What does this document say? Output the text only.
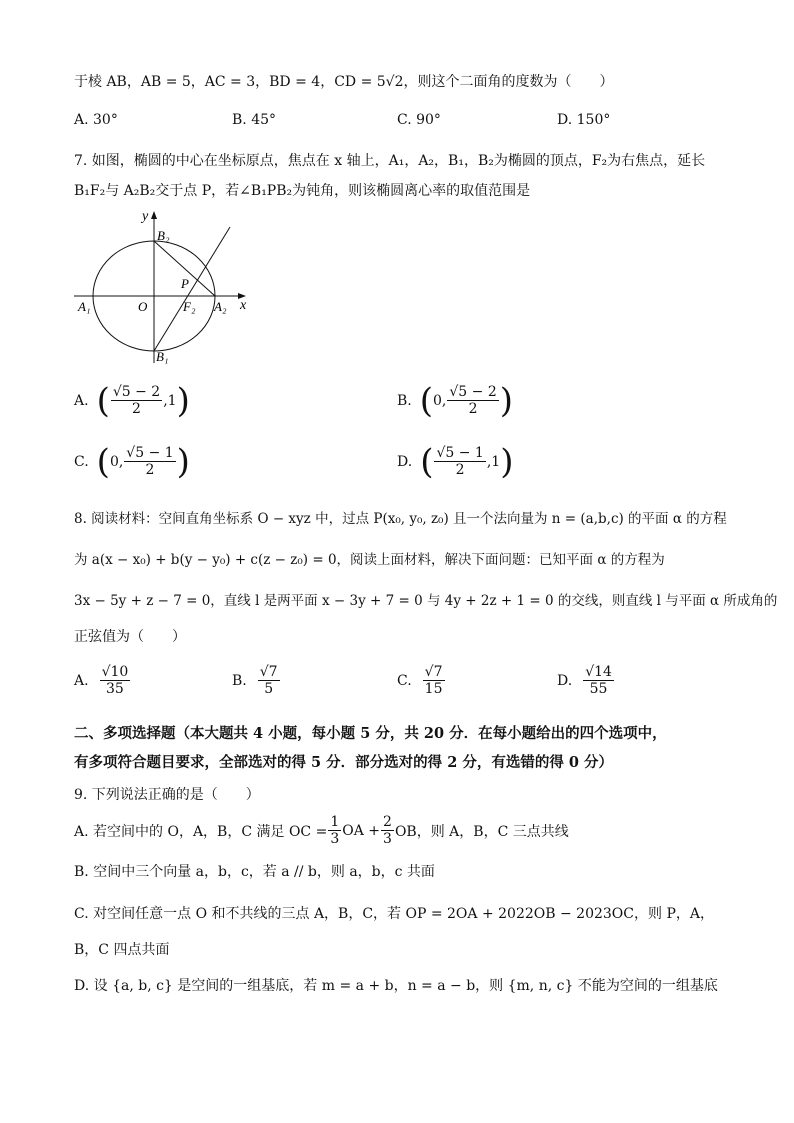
于棱 AB，AB = 5，AC = 3，BD = 4，CD = 5√2，则这个二面角的度数为（　　）
A. 30°	B. 45°	C. 90°	D. 150°
7. 如图，椭圆的中心在坐标原点，焦点在 x 轴上，A₁，A₂，B₁，B₂为椭圆的顶点，F₂为右焦点，延长
B₁F₂与 A₂B₂交于点 P，若∠B₁PB₂为钝角，则该椭圆离心率的取值范围是
y
B₂
P
A₁	O	F₂ A₂ x
B₁
A. ( $\frac{√5 - 2}{2} ,1$ )	B. ( 0, $\frac{√5 - 2}{2}$ )
C. ( 0, $\frac{√5 - 1}{2}$ )	D. ( $\frac{√5 - 1}{2} ,1$ )
8. 阅读材料：空间直角坐标系 O − xyz 中，过点 P(x₀, y₀, z₀) 且一个法向量为 n = (a,b,c) 的平面 α 的方程
为 a(x − x₀) + b(y − y₀) + c(z − z₀) = 0，阅读上面材料，解决下面问题：已知平面 α 的方程为
3x − 5y + z − 7 = 0，直线 l 是两平面 x − 3y + 7 = 0 与 4y + 2z + 1 = 0 的交线，则直线 l 与平面 α 所成角的
正弦值为（　　）
A. $\frac{√10}{35}$	B. $\frac{√7}{5}$	C. $\frac{√7}{15}$	D. $\frac{√14}{55}$
二、多项选择题（本大题共 4 小题，每小题 5 分，共 20 分．在每小题给出的四个选项中，
有多项符合题目要求，全部选对的得 5 分．部分选对的得 2 分，有选错的得 0 分）
9. 下列说法正确的是（　　）
A. 若空间中的 O，A，B，C 满足 OC = $\frac{1}{3}$ OA + $\frac{2}{3}$ OB，则 A，B，C 三点共线
B. 空间中三个向量 a，b，c，若 a // b，则 a，b，c 共面
C. 对空间任意一点 O 和不共线的三点 A，B，C，若 OP = 2OA + 2022OB − 2023OC，则 P，A，
B，C 四点共面
D. 设 {a, b, c} 是空间的一组基底，若 m = a + b，n = a − b，则 {m, n, c} 不能为空间的一组基底
